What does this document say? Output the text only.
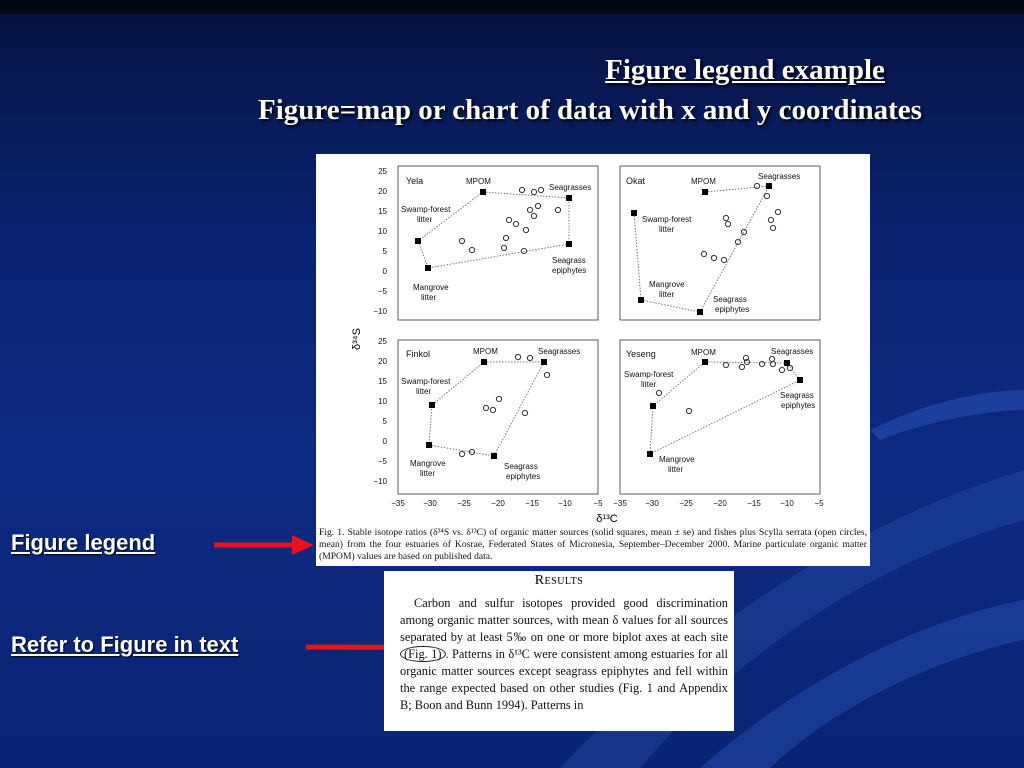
Figure legend example
Figure=map or chart of data with x and y coordinates
Figure legend
Refer to Figure in text
δ³⁴S
δ¹³C
25
20
15
10
5
0
−5
−10
25
20
15
10
5
0
−5
−10
−35 −30	−25	−20	−15 −10	−5 −35 −30	−25	−20	−15 −10	−5
Yela	MPOM
Seagrasses
Swamp-forest
litter
Seagrass
epiphytes
Mangrove
litter
Okat	MPOM
Seagrasses
Swamp-forest
litter
Mangrove
litter
Seagrass
epiphytes
Finkol	MPOM	Seagrasses
Swamp-forest
litter
Mangrove
litter
Seagrass
epiphytes
Yeseng	MPOM	Seagrasses
Swamp-forest
litter
Seagrass
epiphytes
Mangrove
litter
Fig. 1. Stable isotope ratios (δ³⁴S vs. δ¹³C) of organic matter sources (solid squares, mean ± se) and fishes plus Scylla serrata (open circles, mean) from the four estuaries of Kosrae, Federated States of Micronesia, September–December 2000. Marine particulate organic matter (MPOM) values are based on published data.
Results
Carbon and sulfur isotopes provided good discrimination among organic matter sources, with mean δ values for all sources separated by at least 5‰ on one or more biplot axes at each site (Fig. 1) . Patterns in δ¹³C were consistent among estuaries for all organic matter sources except seagrass epiphytes and fell within the range expected based on other studies (Fig. 1 and Appendix B; Boon and Bunn 1994). Patterns in
